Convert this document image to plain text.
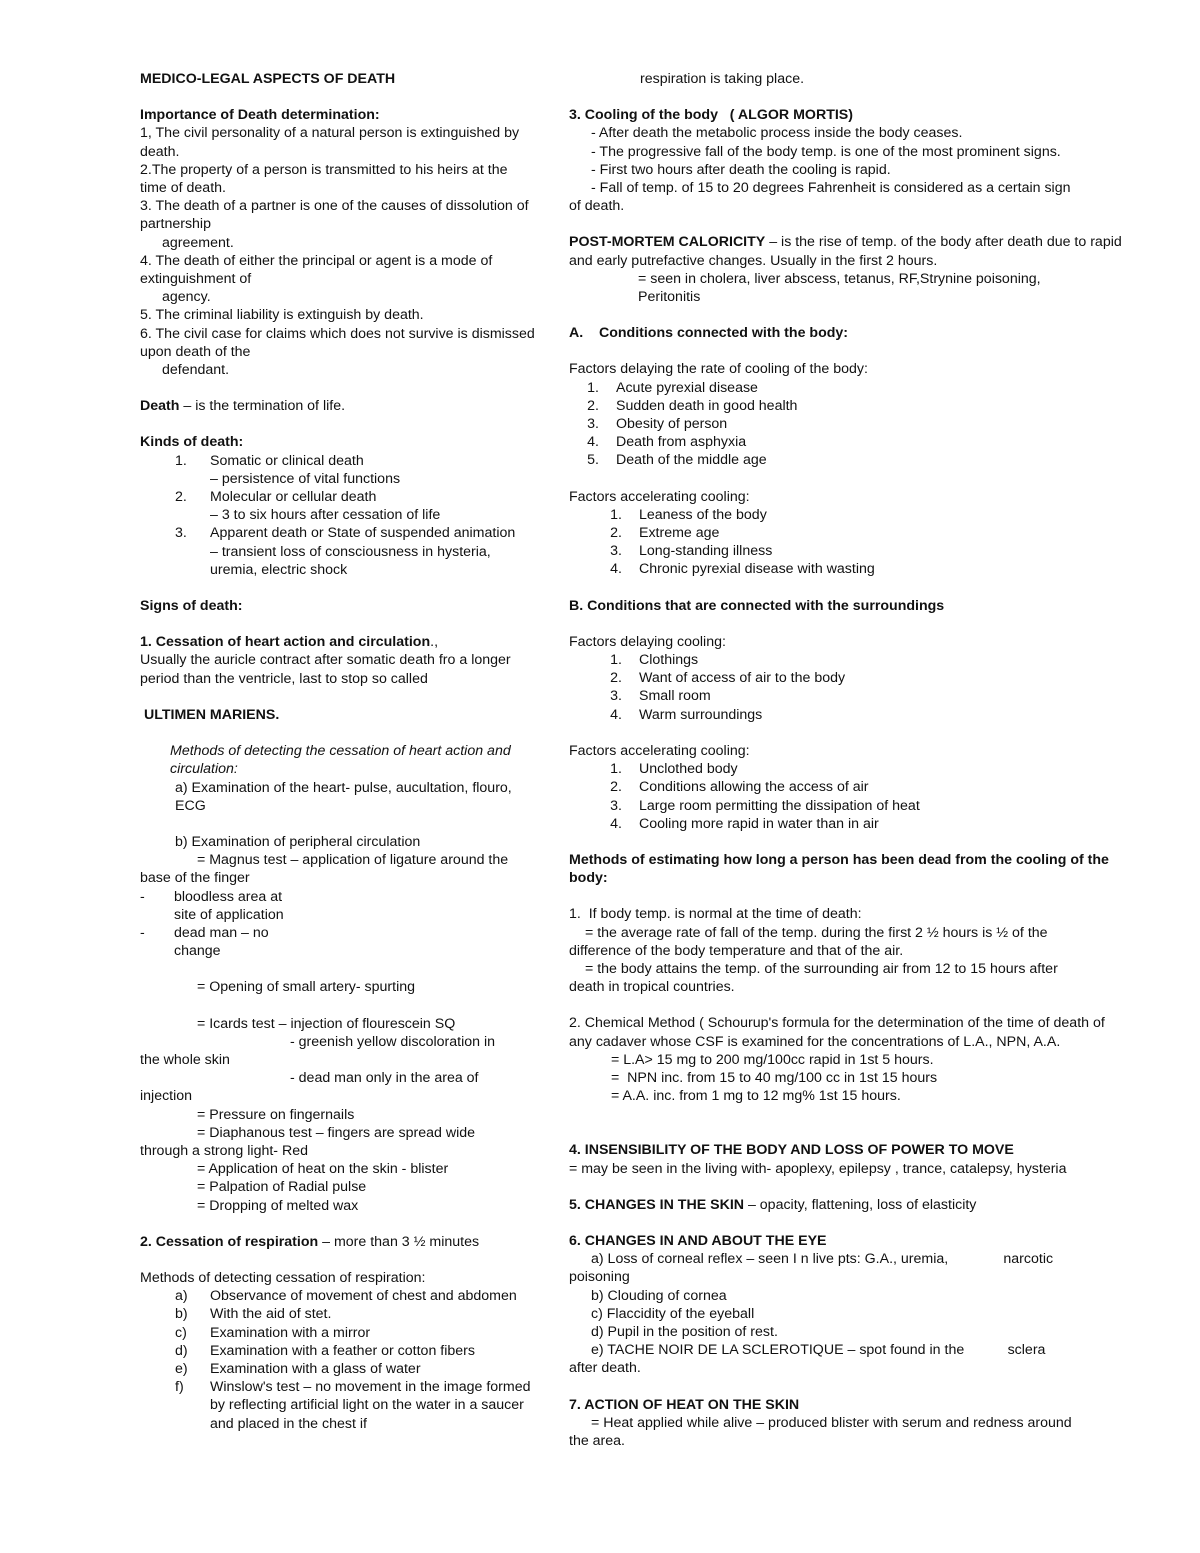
MEDICO-LEGAL ASPECTS OF DEATH

Importance of Death determination:

1, The civil personality of a natural person is extinguished by    death.

2.The property of a person is transmitted to his heirs at the time of death.

3. The death of a partner is one of the causes of dissolution of partnership

agreement.

4. The death of either the principal or agent is a mode of extinguishment of

agency.

5. The criminal liability is extinguish by death.

6. The civil case for claims which does not survive is dismissed upon death of the

defendant.

Death – is the termination of life.

Kinds of death:

1.	Somatic or clinical death
– persistence of vital functions
2.	Molecular or cellular death
– 3 to six hours after cessation of life
3.	Apparent death or State of suspended animation
– transient loss of consciousness in hysteria, uremia, electric shock

Signs of death:

1. Cessation of heart action and circulation.,

Usually the auricle contract after somatic death fro a longer period than the ventricle, last to stop so called

ULTIMEN MARIENS.

Methods of detecting the cessation of heart action and circulation:

a) Examination of the heart- pulse, aucultation, flouro, ECG

b) Examination of peripheral circulation

= Magnus test – application of ligature around the base of the finger

-	bloodless area at site of application
-	dead man – no change

= Opening of small artery- spurting

= Icards test – injection of flourescein SQ

- greenish yellow discoloration in

the whole skin

- dead man only in the area of

injection

= Pressure on fingernails

= Diaphanous test – fingers are spread wide

through a strong light- Red

= Application of heat on the skin - blister

= Palpation of Radial pulse

= Dropping of melted wax

2. Cessation of respiration – more than 3 ½ minutes

Methods of detecting cessation of respiration:

a)	Observance of movement of chest and abdomen
b)	With the aid of stet.
c)	Examination with a mirror
d)	Examination with a feather or cotton fibers
e)	Examination with a glass of water
f)	Winslow's test – no movement in the image formed by reflecting artificial light on the water in a saucer and placed in the chest if

respiration is taking place.

3. Cooling of the body   ( ALGOR MORTIS)

- After death the metabolic process inside the body ceases.

- The progressive fall of the body temp. is one of the most prominent signs.

- First two hours after death the cooling is rapid.

- Fall of temp. of 15 to 20 degrees Fahrenheit is considered as a certain sign

of death.

POST-MORTEM CALORICITY – is the rise of temp. of the body after death due to rapid and early putrefactive changes. Usually in the first 2 hours.

= seen in cholera, liver abscess, tetanus, RF,Strynine poisoning,

Peritonitis

A.    Conditions connected with the body:

Factors delaying the rate of cooling of the body:

1.	Acute pyrexial disease
2.	Sudden death in good health
3.	Obesity of person
4.	Death from asphyxia
5.	Death of the middle age

Factors accelerating cooling:

1.	Leaness of the body
2.	Extreme age
3.	Long-standing illness
4.	Chronic pyrexial disease with wasting

B. Conditions that are connected with the surroundings

Factors delaying cooling:

1.	Clothings
2.	Want of access of air to the body
3.	Small room
4.	Warm surroundings

Factors accelerating cooling:

1.	Unclothed body
2.	Conditions allowing the access of air
3.	Large room permitting the dissipation of heat
4.	Cooling more rapid in water than in air

Methods of estimating how long a person has been dead from the cooling of the body:

1.  If body temp. is normal at the time of death:

= the average rate of fall of the temp. during the first 2 ½ hours is ½ of the

difference of the body temperature and that of the air.

= the body attains the temp. of the surrounding air from 12 to 15 hours after

death in tropical countries.

2. Chemical Method ( Schourup's formula for the determination of the time of death of any cadaver whose CSF is examined for the concentrations of L.A., NPN, A.A.

= L.A> 15 mg to 200 mg/100cc rapid in 1st 5 hours.

=  NPN inc. from 15 to 40 mg/100 cc in 1st 15 hours

= A.A. inc. from 1 mg to 12 mg% 1st 15 hours.

4. INSENSIBILITY OF THE BODY AND LOSS OF POWER TO MOVE

= may be seen in the living with- apoplexy, epilepsy , trance, catalepsy, hysteria

5. CHANGES IN THE SKIN – opacity, flattening, loss of elasticity

6. CHANGES IN AND ABOUT THE EYE

a) Loss of corneal reflex – seen I n live pts: G.A., uremia,              narcotic

poisoning

b) Clouding of cornea

c) Flaccidity of the eyeball

d) Pupil in the position of rest.

e) TACHE NOIR DE LA SCLEROTIQUE – spot found in the           sclera

after death.

7. ACTION OF HEAT ON THE SKIN

= Heat applied while alive – produced blister with serum and redness around

the area.
